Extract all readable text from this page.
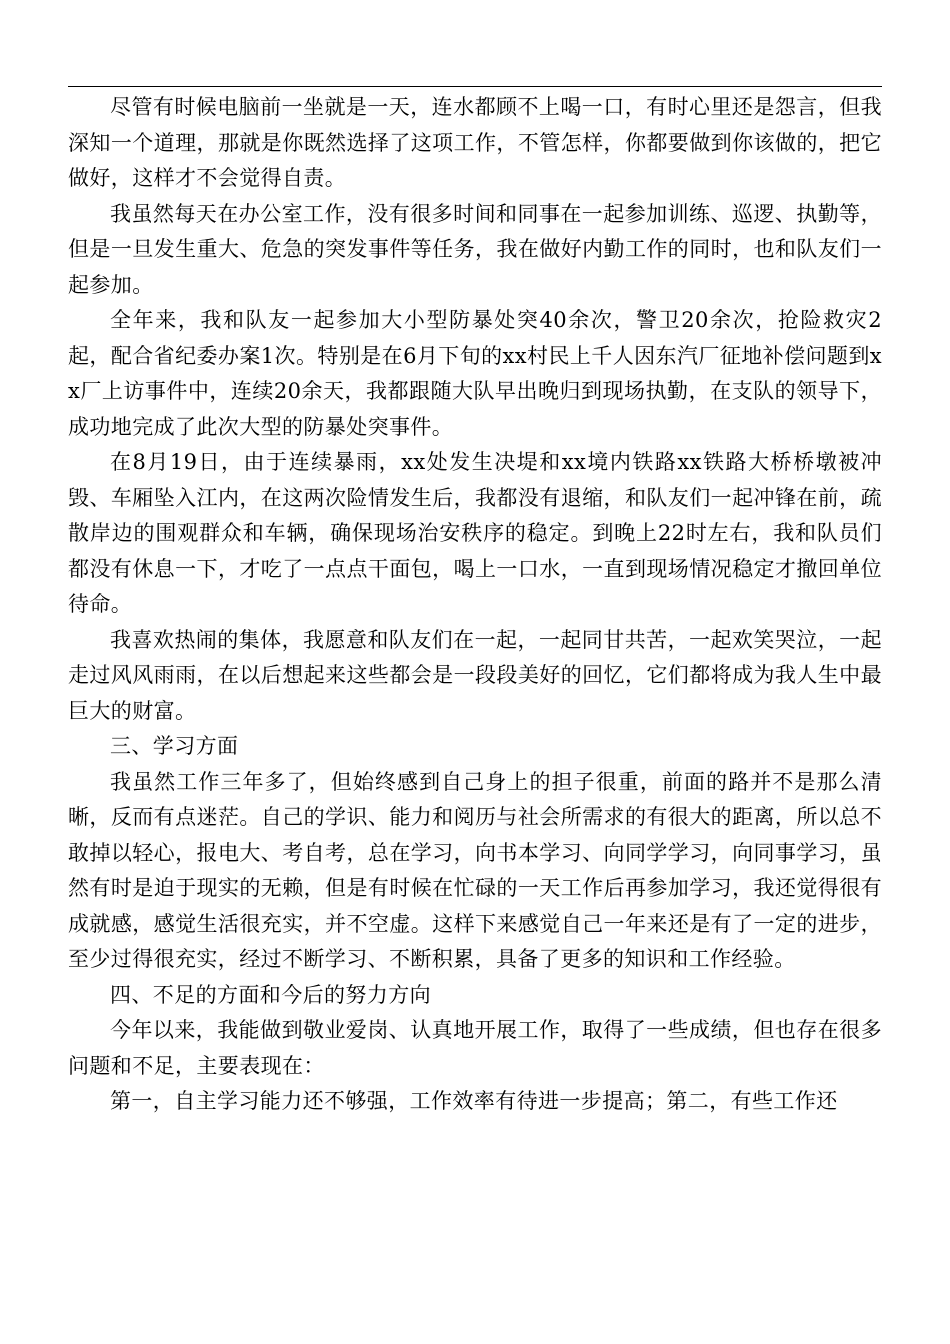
尽管有时候电脑前一坐就是一天，连水都顾不上喝一口，有时心里还是怨言，但我深知一个道理，那就是你既然选择了这项工作，不管怎样，你都要做到你该做的，把它做好，这样才不会觉得自责。

我虽然每天在办公室工作，没有很多时间和同事在一起参加训练、巡逻、执勤等，但是一旦发生重大、危急的突发事件等任务，我在做好内勤工作的同时，也和队友们一起参加。

全年来，我和队友一起参加大小型防暴处突40余次，警卫20余次，抢险救灾2起，配合省纪委办案1次。特别是在6月下旬的xx村民上千人因东汽厂征地补偿问题到xx厂上访事件中，连续20余天，我都跟随大队早出晚归到现场执勤，在支队的领导下，成功地完成了此次大型的防暴处突事件。

在8月19日，由于连续暴雨，xx处发生决堤和xx境内铁路xx铁路大桥桥墩被冲毁、车厢坠入江内，在这两次险情发生后，我都没有退缩，和队友们一起冲锋在前，疏散岸边的围观群众和车辆，确保现场治安秩序的稳定。到晚上22时左右，我和队员们都没有休息一下，才吃了一点点干面包，喝上一口水，一直到现场情况稳定才撤回单位待命。

我喜欢热闹的集体，我愿意和队友们在一起，一起同甘共苦，一起欢笑哭泣，一起走过风风雨雨，在以后想起来这些都会是一段段美好的回忆，它们都将成为我人生中最巨大的财富。

三、学习方面

我虽然工作三年多了，但始终感到自己身上的担子很重，前面的路并不是那么清晰，反而有点迷茫。自己的学识、能力和阅历与社会所需求的有很大的距离，所以总不敢掉以轻心，报电大、考自考，总在学习，向书本学习、向同学学习，向同事学习，虽然有时是迫于现实的无赖，但是有时候在忙碌的一天工作后再参加学习，我还觉得很有成就感，感觉生活很充实，并不空虚。这样下来感觉自己一年来还是有了一定的进步，至少过得很充实，经过不断学习、不断积累，具备了更多的知识和工作经验。

四、不足的方面和今后的努力方向

今年以来，我能做到敬业爱岗、认真地开展工作，取得了一些成绩，但也存在很多问题和不足，主要表现在：

第一，自主学习能力还不够强，工作效率有待进一步提高；第二，有些工作还
